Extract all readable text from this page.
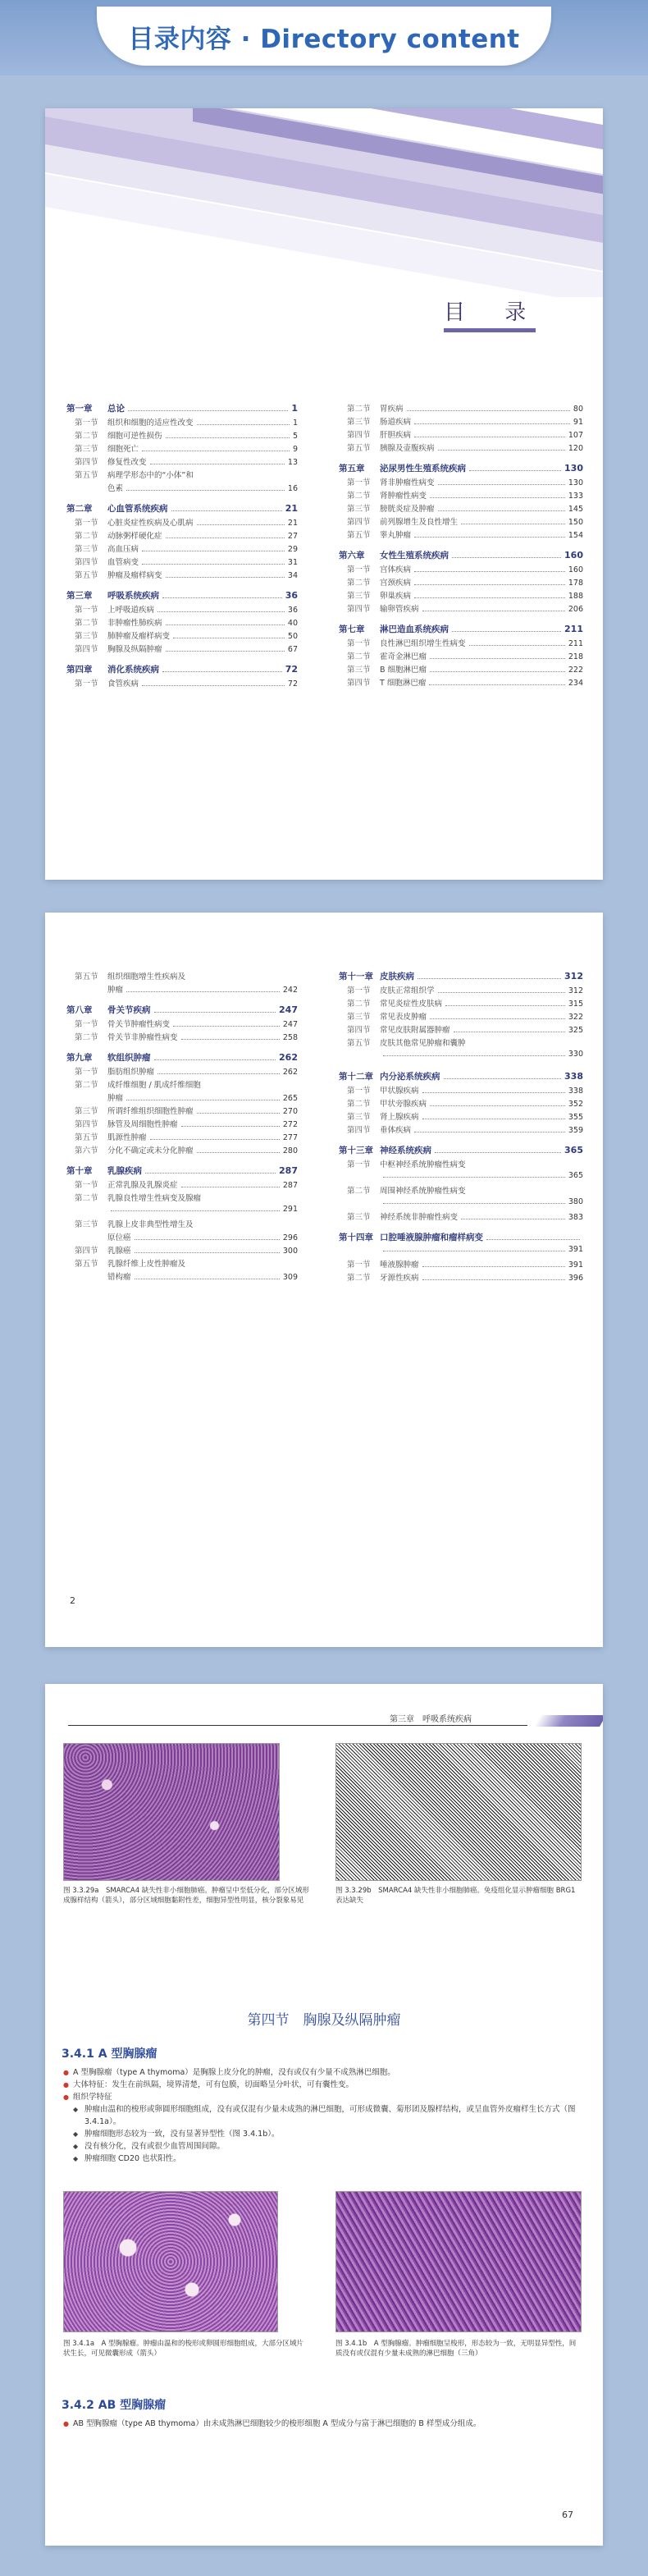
目录内容 · Directory content
目 录
第一章	总论	1
第一节	组织和细胞的适应性改变	1
第二节	细胞可逆性损伤	5
第三节	细胞死亡	9
第四节	修复性改变	13
第五节	病理学形态中的“小体”和
色素	16
第二章	心血管系统疾病	21
第一节	心脏炎症性疾病及心肌病	21
第二节	动脉粥样硬化症	27
第三节	高血压病	29
第四节	血管病变	31
第五节	肿瘤及瘤样病变	34
第三章	呼吸系统疾病	36
第一节	上呼吸道疾病	36
第二节	非肿瘤性肺疾病	40
第三节	肺肿瘤及瘤样病变	50
第四节	胸腺及纵隔肿瘤	67
第四章	消化系统疾病	72
第一节	食管疾病	72
第二节	胃疾病	80
第三节	肠道疾病	91
第四节	肝胆疾病	107
第五节	胰腺及壶腹疾病	120
第五章	泌尿男性生殖系统疾病	130
第一节	肾非肿瘤性病变	130
第二节	肾肿瘤性病变	133
第三节	膀胱炎症及肿瘤	145
第四节	前列腺增生及良性增生	150
第五节	睾丸肿瘤	154
第六章	女性生殖系统疾病	160
第一节	宫体疾病	160
第二节	宫颈疾病	178
第三节	卵巢疾病	188
第四节	输卵管疾病	206
第七章	淋巴造血系统疾病	211
第一节	良性淋巴组织增生性病变	211
第二节	霍奇金淋巴瘤	218
第三节	B 细胞淋巴瘤	222
第四节	T 细胞淋巴瘤	234
第五节	组织细胞增生性疾病及
肿瘤	242
第八章	骨关节疾病	247
第一节	骨关节肿瘤性病变	247
第二节	骨关节非肿瘤性病变	258
第九章	软组织肿瘤	262
第一节	脂肪组织肿瘤	262
第二节	成纤维细胞 / 肌成纤维细胞
肿瘤	265
第三节	所谓纤维组织细胞性肿瘤	270
第四节	脉管及周细胞性肿瘤	272
第五节	肌源性肿瘤	277
第六节	分化不确定或未分化肿瘤	280
第十章	乳腺疾病	287
第一节	正常乳腺及乳腺炎症	287
第二节	乳腺良性增生性病变及腺瘤
291
第三节	乳腺上皮非典型性增生及
原位癌	296
第四节	乳腺癌	300
第五节	乳腺纤维上皮性肿瘤及
错构瘤	309
第十一章 皮肤疾病	312
第一节	皮肤正常组织学	312
第二节	常见炎症性皮肤病	315
第三节	常见表皮肿瘤	322
第四节	常见皮肤附属器肿瘤	325
第五节	皮肤其他常见肿瘤和囊肿
330
第十二章 内分泌系统疾病	338
第一节	甲状腺疾病	338
第二节	甲状旁腺疾病	352
第三节	肾上腺疾病	355
第四节	垂体疾病	359
第十三章 神经系统疾病	365
第一节	中枢神经系统肿瘤性病变
365
第二节	周围神经系统肿瘤性病变
380
第三节	神经系统非肿瘤性病变	383
第十四章 口腔唾液腺肿瘤和瘤样病变
391
第一节	唾液腺肿瘤	391
第二节	牙源性疾病	396
2
第三章　呼吸系统疾病
图 3.3.29a　SMARCA4 缺失性非小细胞肺癌。肿瘤呈中至低分化，部分区域形成腺样结构（箭头），部分区域细胞黏附性差，细胞异型性明显，核分裂象易见
图 3.3.29b　SMARCA4 缺失性非小细胞肺癌。免疫组化显示肿瘤细胞 BRG1 表达缺失
第四节　胸腺及纵隔肿瘤
3.4.1 A 型胸腺瘤
● A 型胸腺瘤（type A thymoma）是胸腺上皮分化的肿瘤，没有或仅有少量不成熟淋巴细胞。
● 大体特征：发生在前纵隔，境界清楚，可有包膜，切面略呈分叶状，可有囊性变。
● 组织学特征
◆ 肿瘤由温和的梭形或卵圆形细胞组成，没有或仅混有少量未成熟的淋巴细胞，可形成微囊、菊形团及腺样结构，或呈血管外皮瘤样生长方式（图 3.4.1a）。
◆ 肿瘤细胞形态较为一致，没有显著异型性（图 3.4.1b）。
◆ 没有核分化，没有或很少血管周围间隙。
◆ 肿瘤细胞 CD20 也状阳性。
图 3.4.1a　A 型胸腺瘤。肿瘤由温和的梭形或卵圆形细胞组成，大部分区域片状生长，可见微囊形成（箭头）
图 3.4.1b　A 型胸腺瘤。肿瘤细胞呈梭形，形态较为一致，无明显异型性，间质没有或仅混有少量未成熟的淋巴细胞（三角）
3.4.2 AB 型胸腺瘤
● AB 型胸腺瘤（type AB thymoma）由未成熟淋巴细胞较少的梭形细胞 A 型成分与富于淋巴细胞的 B 样型成分组成。
67
